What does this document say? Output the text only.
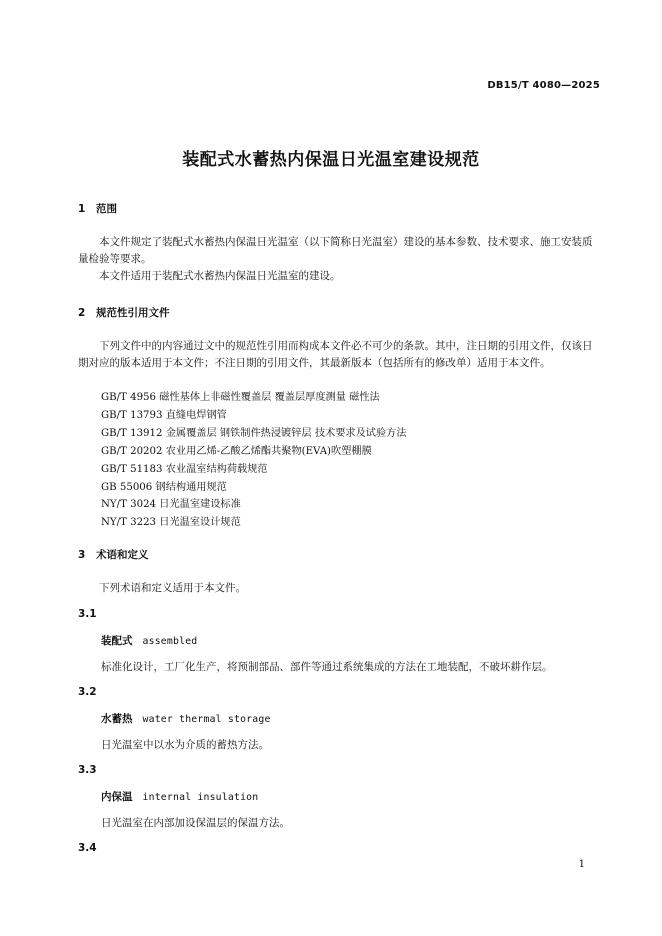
DB15/T 4080—2025
装配式水蓄热内保温日光温室建设规范
1 范围
本文件规定了装配式水蓄热内保温日光温室（以下简称日光温室）建设的基本参数、技术要求、施工安装质量检验等要求。
本文件适用于装配式水蓄热内保温日光温室的建设。
2 规范性引用文件
下列文件中的内容通过文中的规范性引用而构成本文件必不可少的条款。其中，注日期的引用文件，仅该日期对应的版本适用于本文件；不注日期的引用文件，其最新版本（包括所有的修改单）适用于本文件。
GB/T 4956 磁性基体上非磁性覆盖层 覆盖层厚度测量 磁性法
GB/T 13793 直缝电焊钢管
GB/T 13912 金属覆盖层 钢铁制件热浸镀锌层 技术要求及试验方法
GB/T 20202 农业用乙烯-乙酸乙烯酯共聚物(EVA)吹塑棚膜
GB/T 51183 农业温室结构荷载规范
GB 55006 钢结构通用规范
NY/T 3024 日光温室建设标准
NY/T 3223 日光温室设计规范
3 术语和定义
下列术语和定义适用于本文件。
3.1
装配式 assembled
标准化设计，工厂化生产，将预制部品、部件等通过系统集成的方法在工地装配，不破坏耕作层。
3.2
水蓄热 water thermal storage
日光温室中以水为介质的蓄热方法。
3.3
内保温 internal insulation
日光温室在内部加设保温层的保温方法。
3.4
1
